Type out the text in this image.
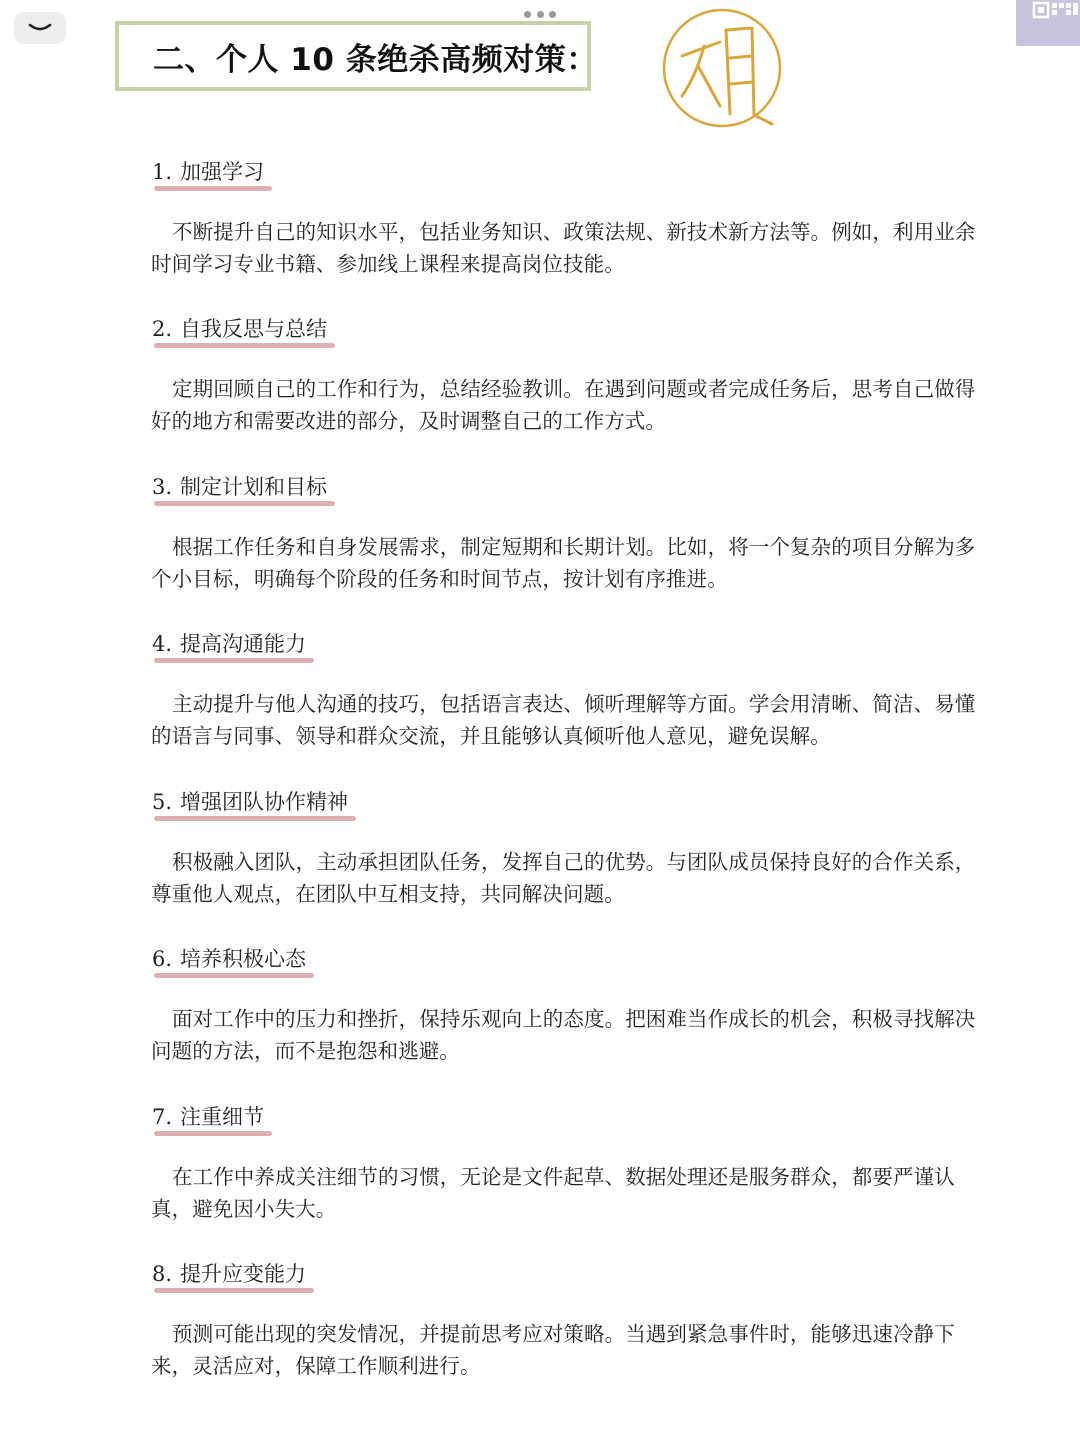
二、个人 10 条绝杀高频对策：
1. 加强学习
不断提升自己的知识水平，包括业务知识、政策法规、新技术新方法等。例如，利用业余时间学习专业书籍、参加线上课程来提高岗位技能。
2. 自我反思与总结
定期回顾自己的工作和行为，总结经验教训。在遇到问题或者完成任务后，思考自己做得好的地方和需要改进的部分，及时调整自己的工作方式。
3. 制定计划和目标
根据工作任务和自身发展需求，制定短期和长期计划。比如，将一个复杂的项目分解为多个小目标，明确每个阶段的任务和时间节点，按计划有序推进。
4. 提高沟通能力
主动提升与他人沟通的技巧，包括语言表达、倾听理解等方面。学会用清晰、简洁、易懂的语言与同事、领导和群众交流，并且能够认真倾听他人意见，避免误解。
5. 增强团队协作精神
积极融入团队，主动承担团队任务，发挥自己的优势。与团队成员保持良好的合作关系，尊重他人观点，在团队中互相支持，共同解决问题。
6. 培养积极心态
面对工作中的压力和挫折，保持乐观向上的态度。把困难当作成长的机会，积极寻找解决问题的方法，而不是抱怨和逃避。
7. 注重细节
在工作中养成关注细节的习惯，无论是文件起草、数据处理还是服务群众，都要严谨认真，避免因小失大。
8. 提升应变能力
预测可能出现的突发情况，并提前思考应对策略。当遇到紧急事件时，能够迅速冷静下来，灵活应对，保障工作顺利进行。
